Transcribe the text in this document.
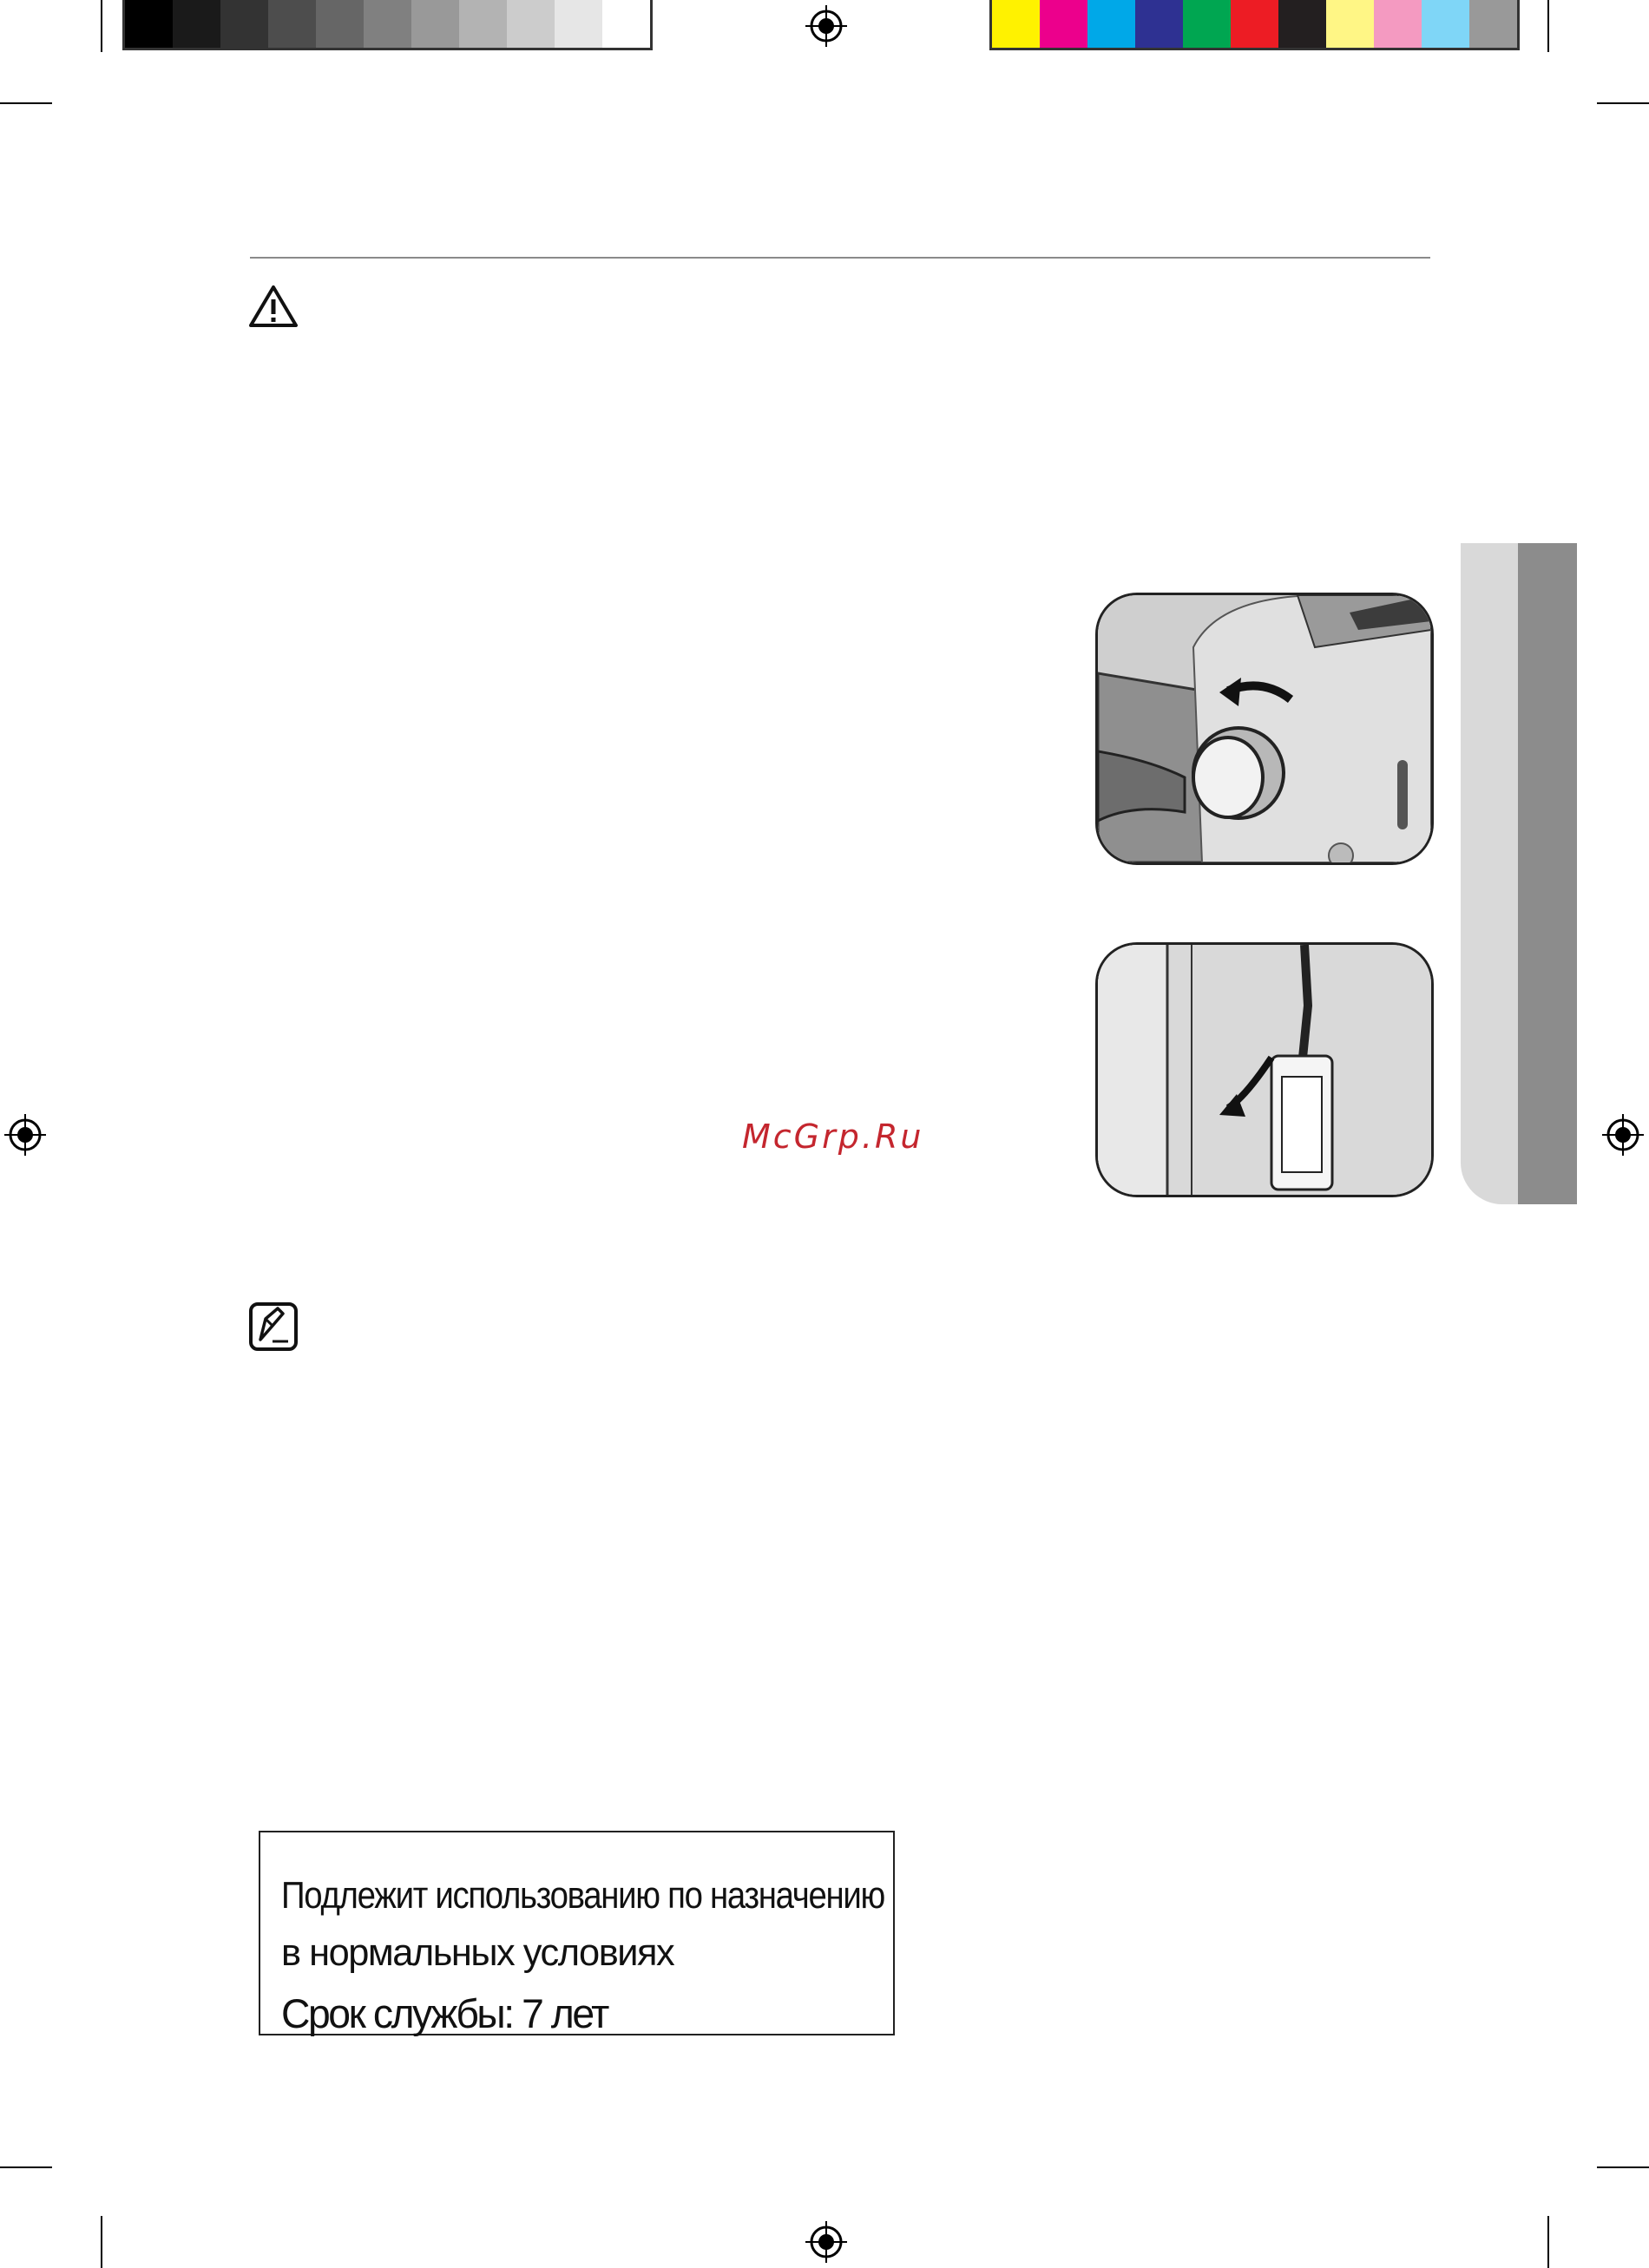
McGrp.Ru
Подлежит использованию по назначению
в нормальных условиях
Срок службы: 7 лет
